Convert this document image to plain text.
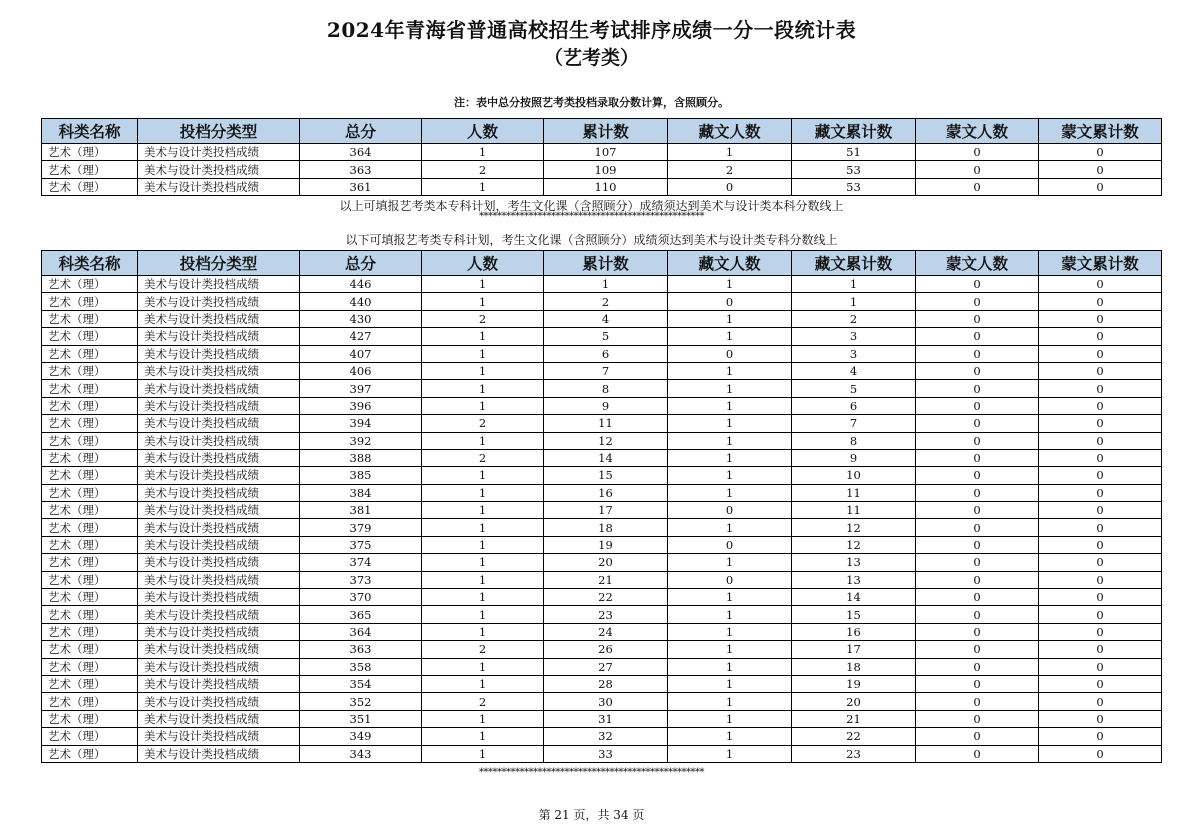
2024年青海省普通高校招生考试排序成绩一分一段统计表
（艺考类）
注：表中总分按照艺考类投档录取分数计算，含照顾分。
科类名称	投档分类型	总分	人数	累计数	藏文人数	藏文累计数	蒙文人数	蒙文累计数
艺术（理）	美术与设计类投档成绩	364	1	107	1	51	0	0
艺术（理）	美术与设计类投档成绩	363	2	109	2	53	0	0
艺术（理）	美术与设计类投档成绩	361	1	110	0	53	0	0
以上可填报艺考类本专科计划，考生文化课（含照顾分）成绩须达到美术与设计类本科分数线上
**************************************************
以下可填报艺考类专科计划，考生文化课（含照顾分）成绩须达到美术与设计类专科分数线上
科类名称	投档分类型	总分	人数	累计数	藏文人数	藏文累计数	蒙文人数	蒙文累计数
艺术（理）	美术与设计类投档成绩	446	1	1	1	1	0	0
艺术（理）	美术与设计类投档成绩	440	1	2	0	1	0	0
艺术（理）	美术与设计类投档成绩	430	2	4	1	2	0	0
艺术（理）	美术与设计类投档成绩	427	1	5	1	3	0	0
艺术（理）	美术与设计类投档成绩	407	1	6	0	3	0	0
艺术（理）	美术与设计类投档成绩	406	1	7	1	4	0	0
艺术（理）	美术与设计类投档成绩	397	1	8	1	5	0	0
艺术（理）	美术与设计类投档成绩	396	1	9	1	6	0	0
艺术（理）	美术与设计类投档成绩	394	2	11	1	7	0	0
艺术（理）	美术与设计类投档成绩	392	1	12	1	8	0	0
艺术（理）	美术与设计类投档成绩	388	2	14	1	9	0	0
艺术（理）	美术与设计类投档成绩	385	1	15	1	10	0	0
艺术（理）	美术与设计类投档成绩	384	1	16	1	11	0	0
艺术（理）	美术与设计类投档成绩	381	1	17	0	11	0	0
艺术（理）	美术与设计类投档成绩	379	1	18	1	12	0	0
艺术（理）	美术与设计类投档成绩	375	1	19	0	12	0	0
艺术（理）	美术与设计类投档成绩	374	1	20	1	13	0	0
艺术（理）	美术与设计类投档成绩	373	1	21	0	13	0	0
艺术（理）	美术与设计类投档成绩	370	1	22	1	14	0	0
艺术（理）	美术与设计类投档成绩	365	1	23	1	15	0	0
艺术（理）	美术与设计类投档成绩	364	1	24	1	16	0	0
艺术（理）	美术与设计类投档成绩	363	2	26	1	17	0	0
艺术（理）	美术与设计类投档成绩	358	1	27	1	18	0	0
艺术（理）	美术与设计类投档成绩	354	1	28	1	19	0	0
艺术（理）	美术与设计类投档成绩	352	2	30	1	20	0	0
艺术（理）	美术与设计类投档成绩	351	1	31	1	21	0	0
艺术（理）	美术与设计类投档成绩	349	1	32	1	22	0	0
艺术（理）	美术与设计类投档成绩	343	1	33	1	23	0	0
**************************************************
第 21 页，共 34 页
